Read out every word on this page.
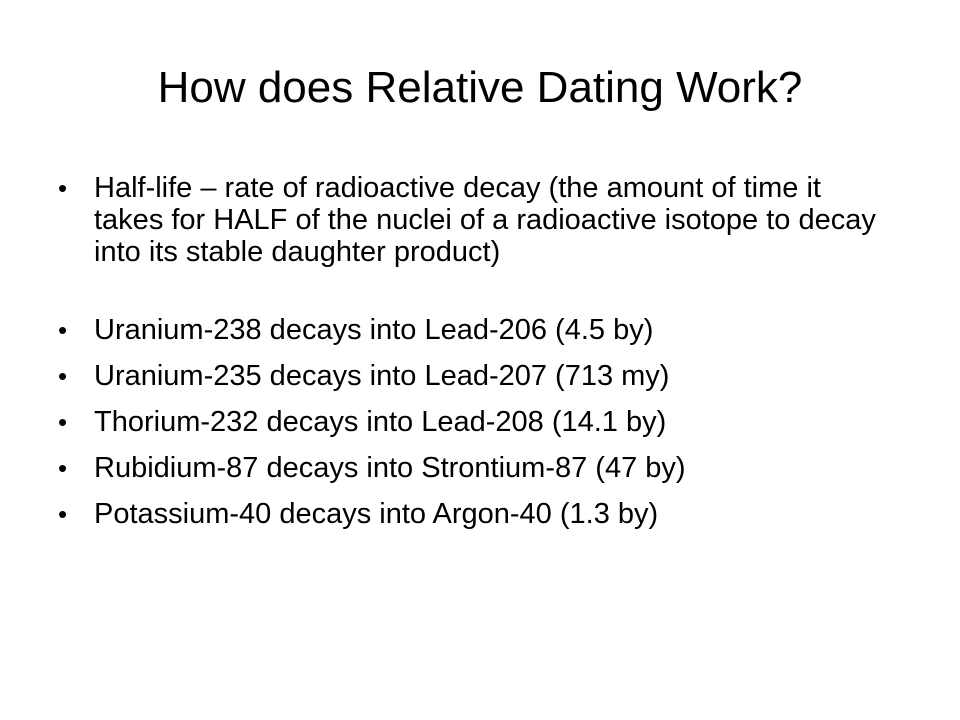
How does Relative Dating Work?
• Half-life – rate of radioactive decay (the amount of time it takes for HALF of the nuclei of a radioactive isotope to decay into its stable daughter product)
• Uranium-238 decays into Lead-206 (4.5 by)
• Uranium-235 decays into Lead-207 (713 my)
• Thorium-232 decays into Lead-208 (14.1 by)
• Rubidium-87 decays into Strontium-87 (47 by)
• Potassium-40 decays into Argon-40 (1.3 by)
